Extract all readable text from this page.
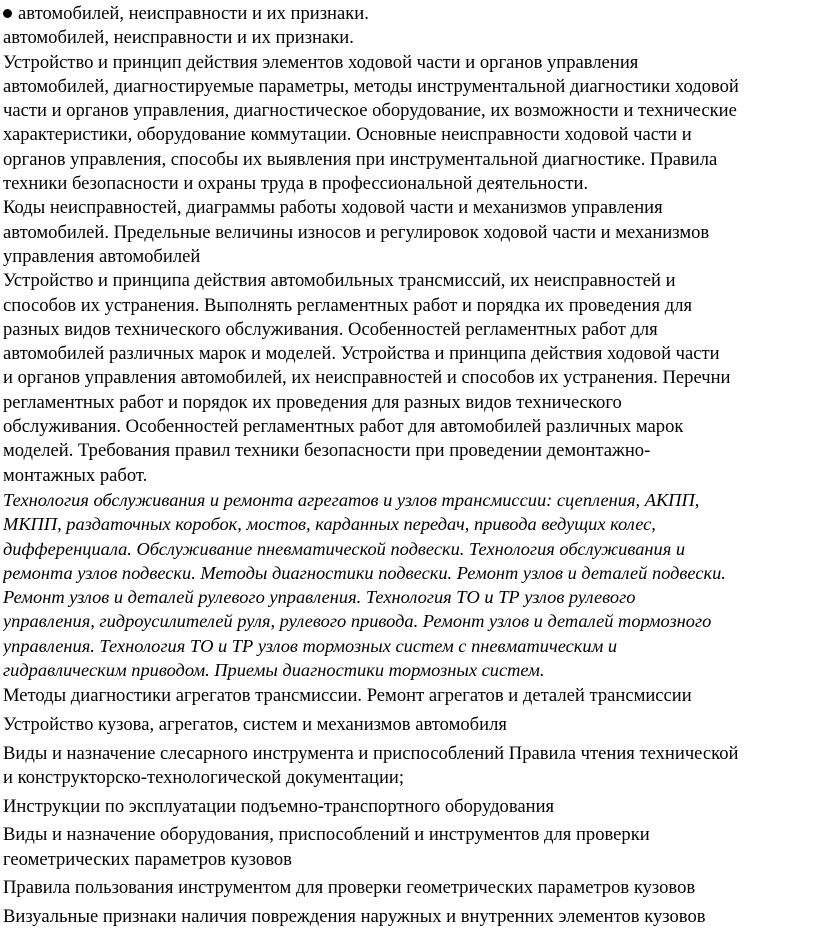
автомобилей, неисправности и их признаки.
автомобилей, неисправности и их признаки.
Устройство и принцип действия элементов ходовой части и органов управления
автомобилей, диагностируемые параметры, методы инструментальной диагностики ходовой
части и органов управления, диагностическое оборудование, их возможности и технические
характеристики, оборудование коммутации. Основные неисправности ходовой части и
органов управления, способы их выявления при инструментальной диагностике. Правила
техники безопасности и охраны труда в профессиональной деятельности.
Коды неисправностей, диаграммы работы ходовой части и механизмов управления
автомобилей. Предельные величины износов и регулировок ходовой части и механизмов
управления автомобилей
Устройство и принципа действия автомобильных трансмиссий, их неисправностей и
способов их устранения. Выполнять регламентных работ и порядка их проведения для
разных видов технического обслуживания. Особенностей регламентных работ для
автомобилей различных марок и моделей. Устройства и принципа действия ходовой части
и органов управления автомобилей, их неисправностей и способов их устранения. Перечни
регламентных работ и порядок их проведения для разных видов технического
обслуживания. Особенностей регламентных работ для автомобилей различных марок
моделей. Требования правил техники безопасности при проведении демонтажно-
монтажных работ.
Технология обслуживания и ремонта агрегатов и узлов трансмиссии: сцепления, АКПП,
МКПП, раздаточных коробок, мостов, карданных передач, привода ведущих колес,
дифференциала. Обслуживание пневматической подвески. Технология обслуживания и
ремонта узлов подвески. Методы диагностики подвески. Ремонт узлов и деталей подвески.
Ремонт узлов и деталей рулевого управления. Технология ТО и ТР узлов рулевого
управления, гидроусилителей руля, рулевого привода. Ремонт узлов и деталей тормозного
управления. Технология ТО и ТР узлов тормозных систем с пневматическим и
гидравлическим приводом. Приемы диагностики тормозных систем.
Методы диагностики агрегатов трансмиссии. Ремонт агрегатов и деталей трансмиссии
Устройство кузова, агрегатов, систем и механизмов автомобиля
Виды и назначение слесарного инструмента и приспособлений Правила чтения технической
и конструкторско-технологической документации;
Инструкции по эксплуатации подъемно-транспортного оборудования
Виды и назначение оборудования, приспособлений и инструментов для проверки
геометрических параметров кузовов
Правила пользования инструментом для проверки геометрических параметров кузовов
Визуальные признаки наличия повреждения наружных и внутренних элементов кузовов
